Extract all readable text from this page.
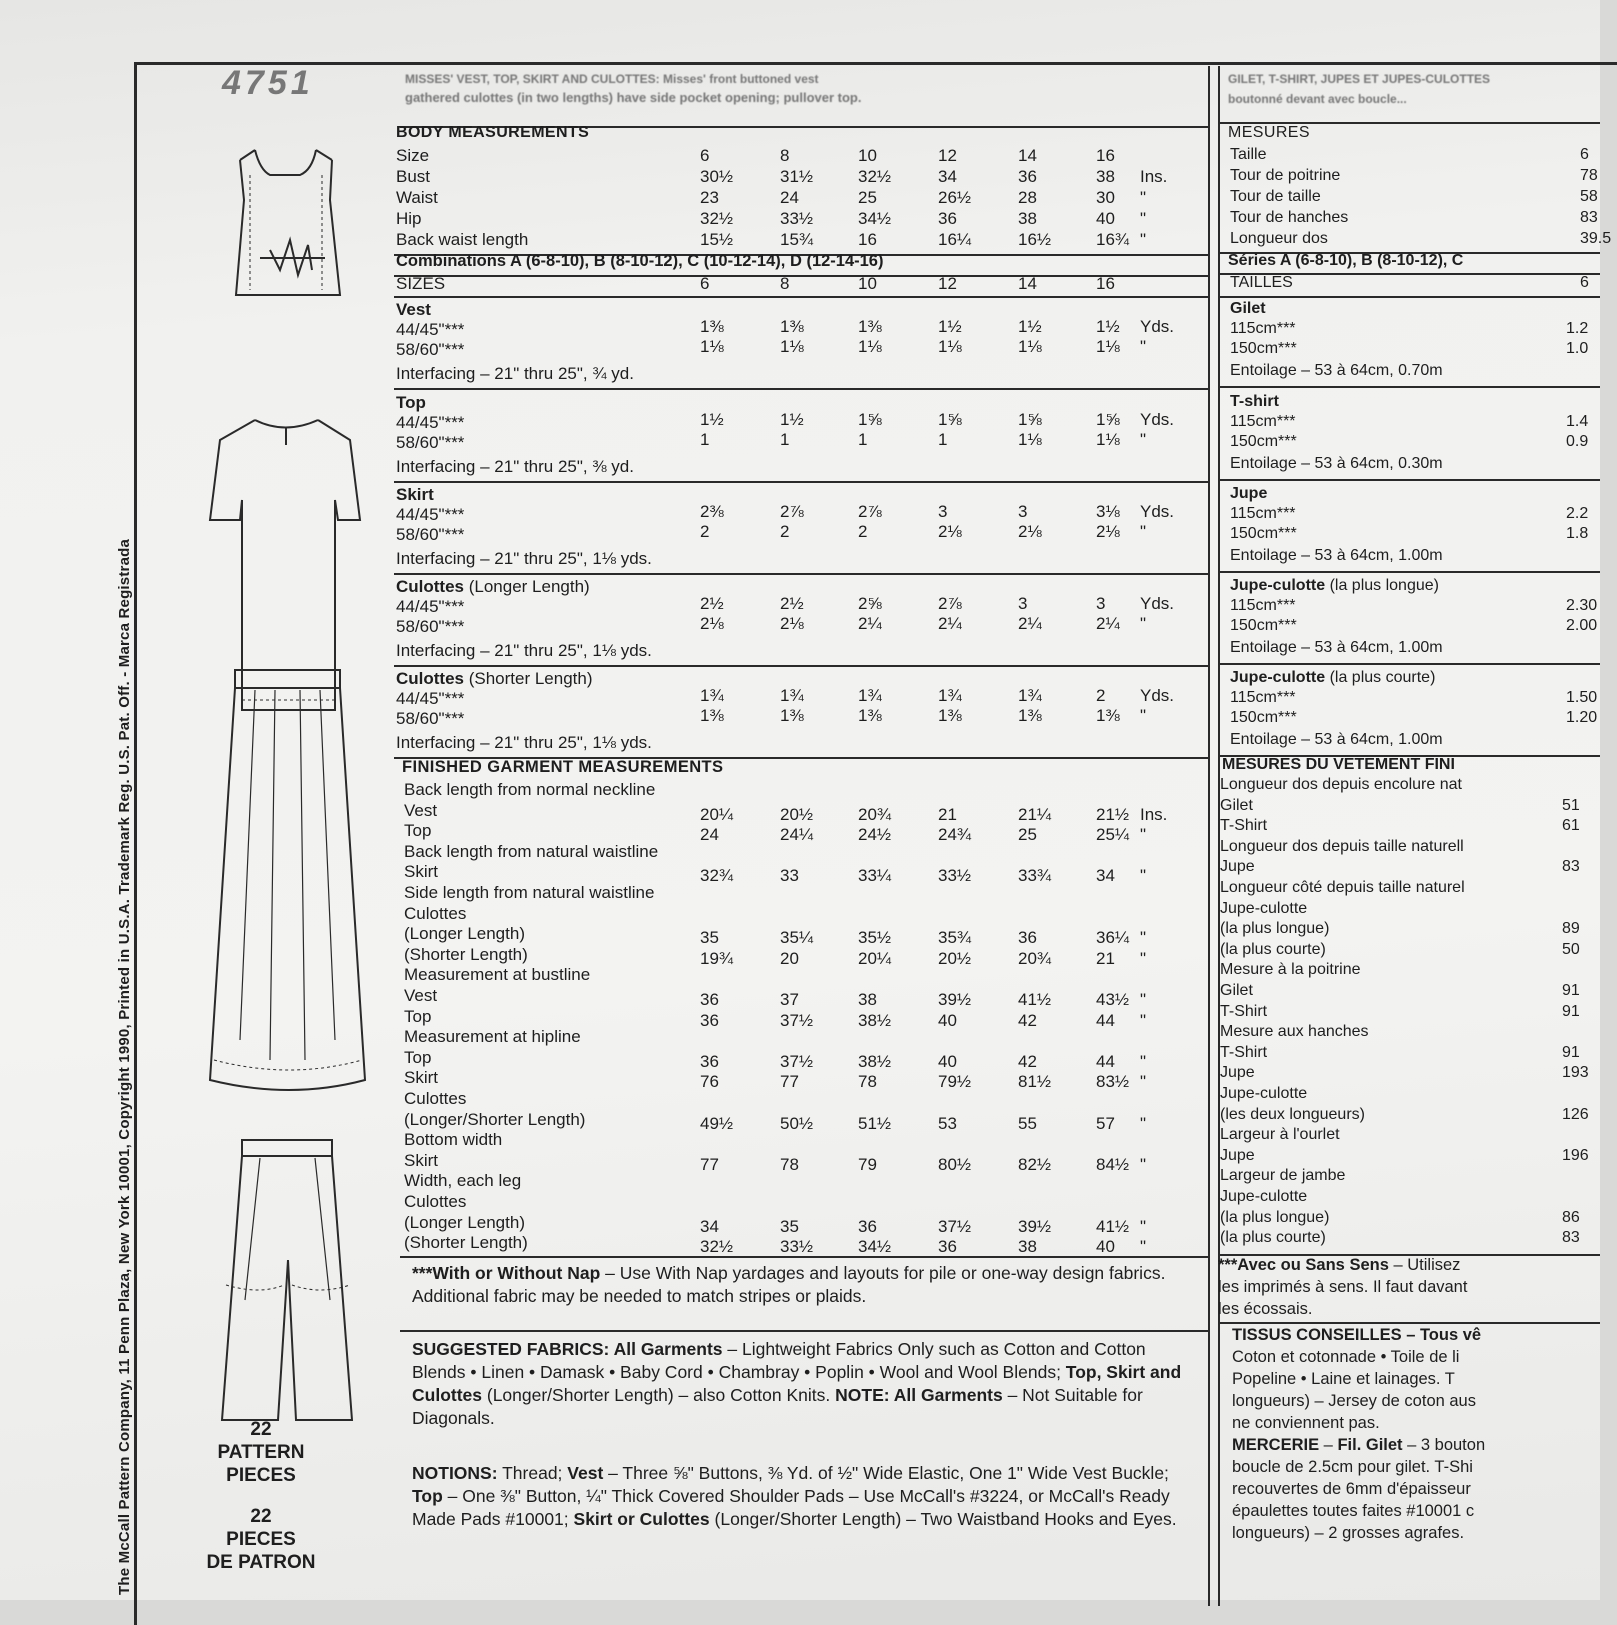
The McCall Pattern Company, 11 Penn Plaza, New York 10001, Copyright 1990, Printed in U.S.A. Trademark Reg. U.S. Pat. Off. - Marca Registrada
4751	MISSES' VEST, TOP, SKIRT AND CULOTTES: Misses' front buttoned vest
gathered culottes (in two lengths) have side pocket opening; pullover top.
22
PATTERN
PIECES
22
PIECES
DE PATRON
BODY MEASUREMENTS
Size	6	8	10	12	14	16
Bust	30½	31½	32½	34	36	38 Ins.
Waist	23	24	25	26½	28	30 "
Hip	32½	33½	34½	36	38	40 "
Back waist length	15½	15¾	16	16¼	16½	16¾ "
Combinations A (6-8-10), B (8-10-12), C (10-12-14), D (12-14-16)
SIZES	6	8	10	12	14	16
Vest
44/45"***	1⅜	1⅜	1⅜	1½	1½	1½ Yds.
58/60"***	1⅛	1⅛	1⅛	1⅛	1⅛	1⅛ "
Interfacing – 21" thru 25", ¾ yd.
Top
44/45"***	1½	1½	1⅝	1⅝	1⅝	1⅝ Yds.
58/60"***	1	1	1	1	1⅛	1⅛ "
Interfacing – 21" thru 25", ⅜ yd.
Skirt
44/45"***	2⅜	2⅞	2⅞	3	3	3⅛ Yds.
58/60"***	2	2	2	2⅛	2⅛	2⅛ "
Interfacing – 21" thru 25", 1⅛ yds.
Culottes (Longer Length)
44/45"***	2½	2½	2⅝	2⅞	3	3 Yds.
58/60"***	2⅛	2⅛	2¼	2¼	2¼	2¼ "
Interfacing – 21" thru 25", 1⅛ yds.
Culottes (Shorter Length)
44/45"***	1¾	1¾	1¾	1¾	1¾	2 Yds.
58/60"***	1⅜	1⅜	1⅜	1⅜	1⅜	1⅜ "
Interfacing – 21" thru 25", 1⅛ yds.
FINISHED GARMENT MEASUREMENTS
Back length from normal neckline
Vest	20¼	20½	20¾	21	21¼	21½ Ins.
Top	24	24¼	24½	24¾	25	25¼ "
Back length from natural waistline
Skirt	32¾	33	33¼	33½	33¾	34 "
Side length from natural waistline
Culottes
(Longer Length)	35	35¼	35½	35¾	36	36¼ "
(Shorter Length)	19¾	20	20¼	20½	20¾	21 "
Measurement at bustline
Vest	36	37	38	39½	41½	43½ "
Top	36	37½	38½	40	42	44 "
Measurement at hipline
Top	36	37½	38½	40	42	44 "
Skirt	76	77	78	79½	81½	83½ "
Culottes
(Longer/Shorter Length)	49½	50½	51½	53	55	57 "
Bottom width
Skirt	77	78	79	80½	82½	84½ "
Width, each leg
Culottes
(Longer Length)	34	35	36	37½	39½	41½ "
(Shorter Length)	32½	33½	34½	36	38	40 "
***With or Without Nap – Use With Nap yardages and layouts for pile or one-way design fabrics. Additional fabric may be needed to match stripes or plaids.
SUGGESTED FABRICS: All Garments – Lightweight Fabrics Only such as Cotton and Cotton Blends • Linen • Damask • Baby Cord • Chambray • Poplin • Wool and Wool Blends; Top, Skirt and Culottes (Longer/Shorter Length) – also Cotton Knits. NOTE: All Garments – Not Suitable for Diagonals.
NOTIONS: Thread; Vest – Three ⅝" Buttons, ⅜ Yd. of ½" Wide Elastic, One 1" Wide Vest Buckle; Top – One ⅜" Button, ¼" Thick Covered Shoulder Pads – Use McCall's #3224, or McCall's Ready Made Pads #10001; Skirt or Culottes (Longer/Shorter Length) – Two Waistband Hooks and Eyes.
GILET, T-SHIRT, JUPES ET JUPES-CULOTTES
boutonné devant avec boucle...
MESURES
Taille	6
Tour de poitrine	78
Tour de taille	58
Tour de hanches	83
Longueur dos	39.5
Séries A (6-8-10), B (8-10-12), C
TAILLES	6
Gilet
115cm***	1.2
150cm***	1.0
Entoilage – 53 à 64cm, 0.70m
T-shirt
115cm***	1.4
150cm***	0.9
Entoilage – 53 à 64cm, 0.30m
Jupe
115cm***	2.2
150cm***	1.8
Entoilage – 53 à 64cm, 1.00m
Jupe-culotte (la plus longue)
115cm***	2.30
150cm***	2.00
Entoilage – 53 à 64cm, 1.00m
Jupe-culotte (la plus courte)
115cm***	1.50
150cm***	1.20
Entoilage – 53 à 64cm, 1.00m
MESURES DU VETEMENT FINI
Longueur dos depuis encolure nat
Gilet	51
T-Shirt	61
Longueur dos depuis taille naturell
Jupe	83
Longueur côté depuis taille naturel
Jupe-culotte
(la plus longue)	89
(la plus courte)	50
Mesure à la poitrine
Gilet	91
T-Shirt	91
Mesure aux hanches
T-Shirt	91
Jupe	193
Jupe-culotte
(les deux longueurs)	126
Largeur à l'ourlet
Jupe	196
Largeur de jambe
Jupe-culotte
(la plus longue)	86
(la plus courte)	83
***Avec ou Sans Sens – Utilisez
les imprimés à sens. Il faut davant
les écossais.
TISSUS CONSEILLES – Tous vê
Coton et cotonnade • Toile de li
Popeline • Laine et lainages. T
longueurs) – Jersey de coton aus
ne conviennent pas.
MERCERIE – Fil. Gilet – 3 bouton
boucle de 2.5cm pour gilet. T-Shi
recouvertes de 6mm d'épaisseur
épaulettes toutes faites #10001 c
longueurs) – 2 grosses agrafes.
